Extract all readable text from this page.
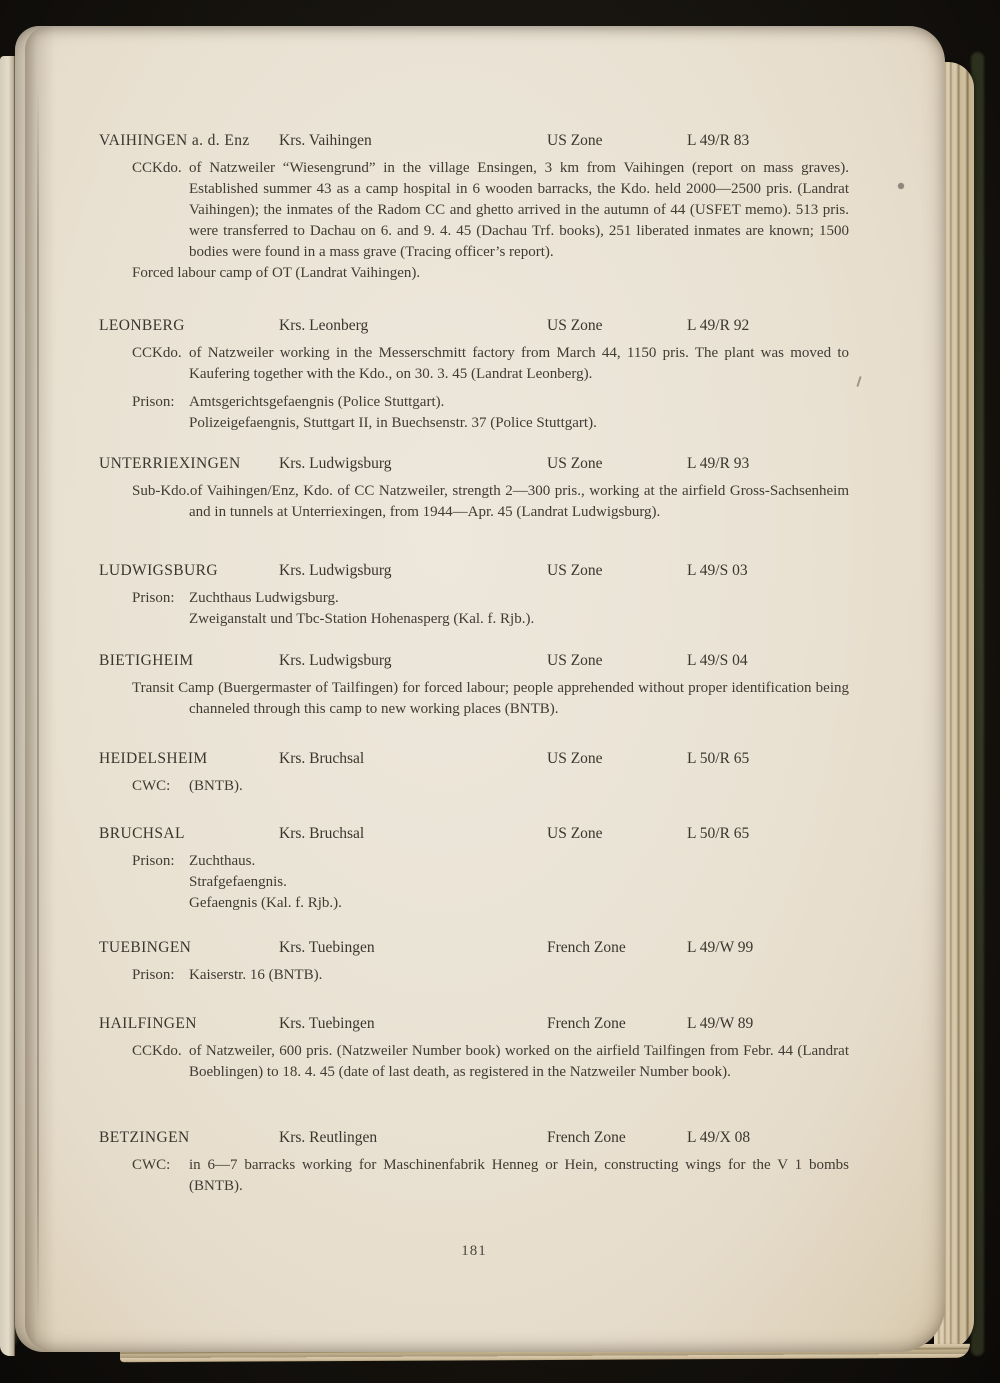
VAIHINGEN a. d. Enz	Krs. Vaihingen	US Zone	L 49/R 83

CCKdo. of Natzweiler “Wiesengrund” in the village Ensingen, 3 km from Vaihingen (report on mass graves). Established summer 43 as a camp hospital in 6 wooden barracks, the Kdo. held 2000—2500 pris. (Landrat Vaihingen); the inmates of the Radom CC and ghetto arrived in the autumn of 44 (USFET memo). 513 pris. were transferred to Dachau on 6. and 9. 4. 45 (Dachau Trf. books), 251 liberated inmates are known; 1500 bodies were found in a mass grave (Tracing officer’s report).

Forced labour camp of OT (Landrat Vaihingen).

LEONBERG	Krs. Leonberg	US Zone	L 49/R 92

CCKdo. of Natzweiler working in the Messerschmitt factory from March 44, 1150 pris. The plant was moved to Kaufering together with the Kdo., on 30. 3. 45 (Landrat Leonberg).

Prison: Amtsgerichtsgefaengnis (Police Stuttgart).
Polizeigefaengnis, Stuttgart II, in Buechsenstr. 37 (Police Stuttgart).
UNTERRIEXINGEN	Krs. Ludwigsburg	US Zone	L 49/R 93

Sub-Kdo.of Vaihingen/Enz, Kdo. of CC Natzweiler, strength 2—300 pris., working at the airfield Gross-Sachsenheim and in tunnels at Unterriexingen, from 1944—Apr. 45 (Landrat Ludwigsburg).

LUDWIGSBURG	Krs. Ludwigsburg	US Zone	L 49/S 03
Prison: Zuchthaus Ludwigsburg.
Zweiganstalt und Tbc-Station Hohenasperg (Kal. f. Rjb.).
BIETIGHEIM	Krs. Ludwigsburg	US Zone	L 49/S 04

Transit Camp (Buergermaster of Tailfingen) for forced labour; people apprehended without proper identification being channeled through this camp to new working places (BNTB).

HEIDELSHEIM	Krs. Bruchsal	US Zone	L 50/R 65
CWC: (BNTB).
BRUCHSAL	Krs. Bruchsal	US Zone	L 50/R 65
Prison: Zuchthaus.
Strafgefaengnis.
Gefaengnis (Kal. f. Rjb.).
TUEBINGEN	Krs. Tuebingen	French Zone	L 49/W 99
Prison: Kaiserstr. 16 (BNTB).
HAILFINGEN	Krs. Tuebingen	French Zone	L 49/W 89

CCKdo. of Natzweiler, 600 pris. (Natzweiler Number book) worked on the airfield Tailfingen from Febr. 44 (Landrat Boeblingen) to 18. 4. 45 (date of last death, as registered in the Natzweiler Number book).

BETZINGEN	Krs. Reutlingen	French Zone	L 49/X 08

CWC: in 6—7 barracks working for Maschinenfabrik Henneg or Hein, constructing wings for the V 1 bombs (BNTB).

181
